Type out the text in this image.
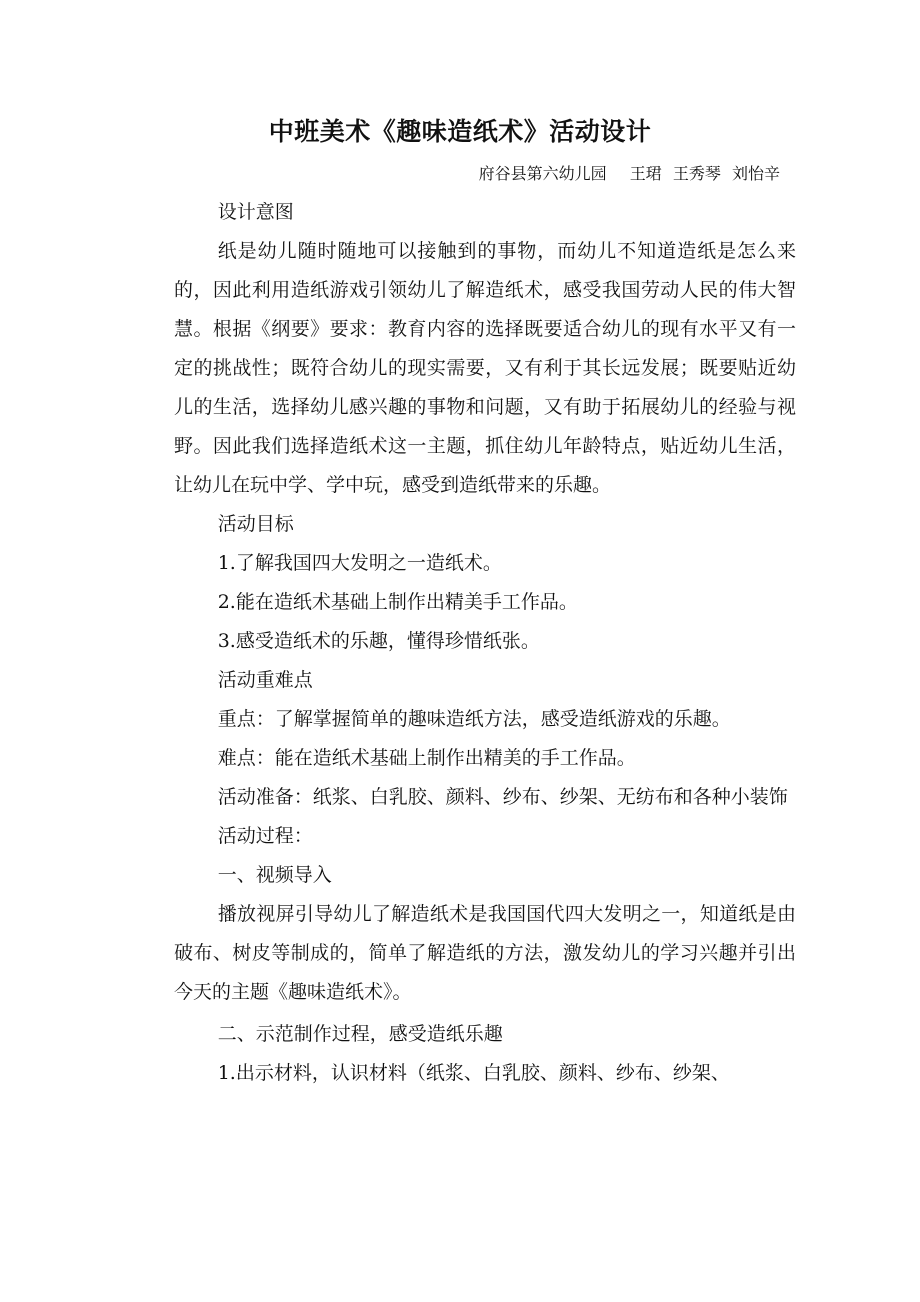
中班美术《趣味造纸术》活动设计
府谷县第六幼儿园 王珺 王秀琴 刘怡辛

设计意图

纸是幼儿随时随地可以接触到的事物，而幼儿不知道造纸是怎么来的，因此利用造纸游戏引领幼儿了解造纸术，感受我国劳动人民的伟大智慧。根据《纲要》要求：教育内容的选择既要适合幼儿的现有水平又有一定的挑战性；既符合幼儿的现实需要，又有利于其长远发展；既要贴近幼儿的生活，选择幼儿感兴趣的事物和问题，又有助于拓展幼儿的经验与视野。因此我们选择造纸术这一主题，抓住幼儿年龄特点，贴近幼儿生活，让幼儿在玩中学、学中玩，感受到造纸带来的乐趣。

活动目标

1.了解我国四大发明之一造纸术。

2.能在造纸术基础上制作出精美手工作品。

3.感受造纸术的乐趣，懂得珍惜纸张。

活动重难点

重点：了解掌握简单的趣味造纸方法，感受造纸游戏的乐趣。

难点：能在造纸术基础上制作出精美的手工作品。

活动准备：纸浆、白乳胶、颜料、纱布、纱架、无纺布和各种小装饰

活动过程：

一、视频导入

播放视屏引导幼儿了解造纸术是我国国代四大发明之一，知道纸是由破布、树皮等制成的，简单了解造纸的方法，激发幼儿的学习兴趣并引出今天的主题《趣味造纸术》。

二、示范制作过程，感受造纸乐趣

1.出示材料，认识材料（纸浆、白乳胶、颜料、纱布、纱架、
